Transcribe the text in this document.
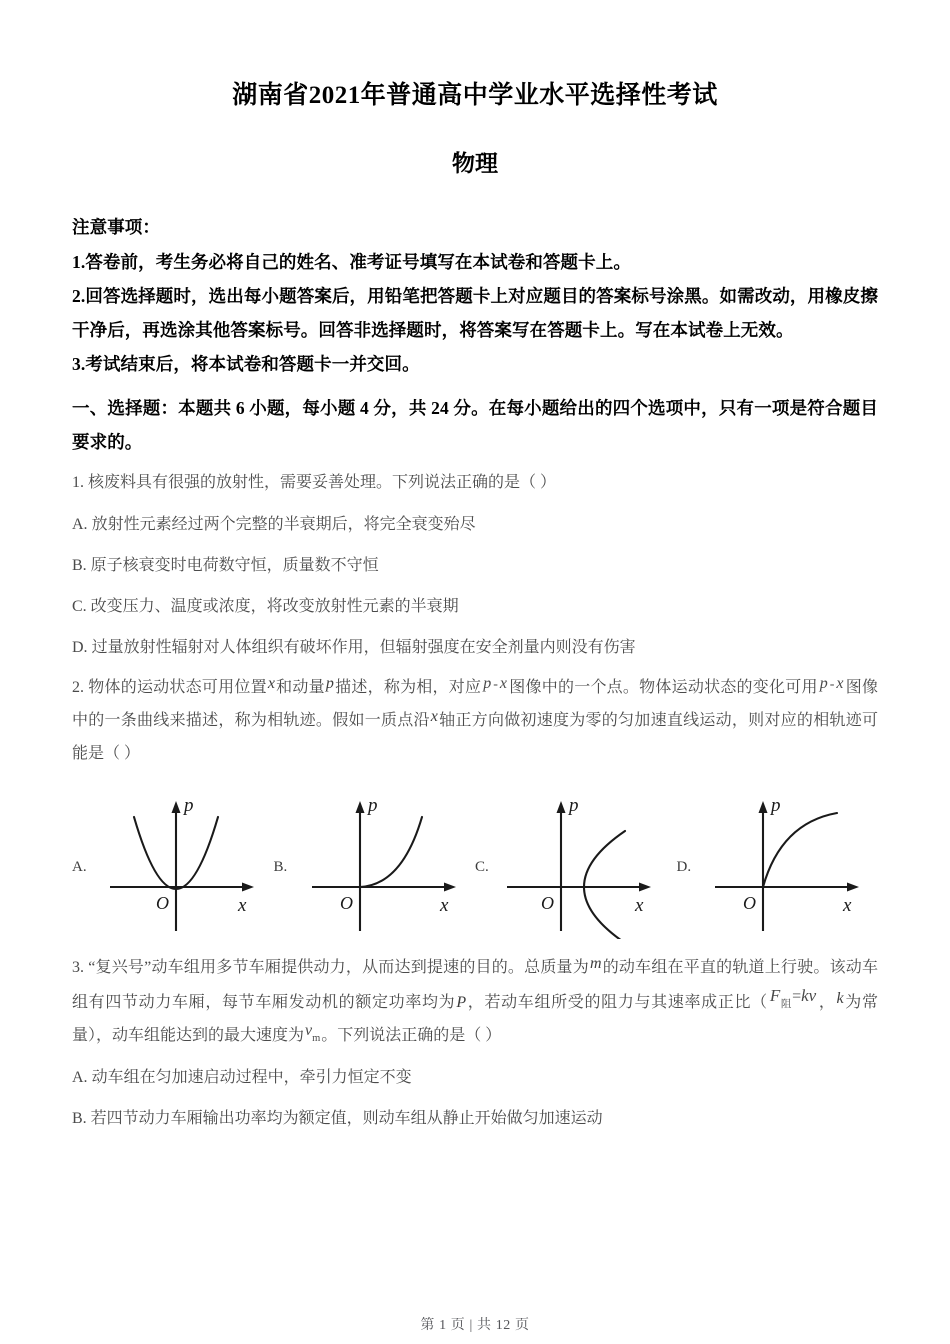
湖南省2021年普通高中学业水平选择性考试
物理
注意事项：
1.答卷前，考生务必将自己的姓名、准考证号填写在本试卷和答题卡上。
2.回答选择题时，选出每小题答案后，用铅笔把答题卡上对应题目的答案标号涂黑。如需改动，用橡皮擦干净后，再选涂其他答案标号。回答非选择题时，将答案写在答题卡上。写在本试卷上无效。
3.考试结束后，将本试卷和答题卡一并交回。
一、选择题：本题共 6 小题，每小题 4 分，共 24 分。在每小题给出的四个选项中，只有一项是符合题目要求的。
1. 核废料具有很强的放射性，需要妥善处理。下列说法正确的是（ ）
A. 放射性元素经过两个完整的半衰期后，将完全衰变殆尽
B. 原子核衰变时电荷数守恒，质量数不守恒
C. 改变压力、温度或浓度，将改变放射性元素的半衰期
D. 过量放射性辐射对人体组织有破坏作用，但辐射强度在安全剂量内则没有伤害
2. 物体的运动状态可用位置x和动量p描述，称为相，对应 p - x 图像中的一个点。物体运动状态的变化可用 p - x 图像中的一条曲线来描述，称为相轨迹。假如一质点沿x轴正方向做初速度为零的匀加速直线运动，则对应的相轨迹可能是（ ）
A.
p
x
O
B.
p
x
O
C.
p
x
O
D.
p
x
O
3. “复兴号”动车组用多节车厢提供动力，从而达到提速的目的。总质量为m的动车组在平直的轨道上行驶。该动车组有四节动力车厢，每节车厢发动机的额定功率均为P，若动车组所受的阻力与其速率成正比（ $F_阻=kv$ ，k为常量），动车组能达到的最大速度为$v_m$。下列说法正确的是（ ）
A. 动车组在匀加速启动过程中，牵引力恒定不变
B. 若四节动力车厢输出功率均为额定值，则动车组从静止开始做匀加速运动
第 1 页 | 共 12 页
